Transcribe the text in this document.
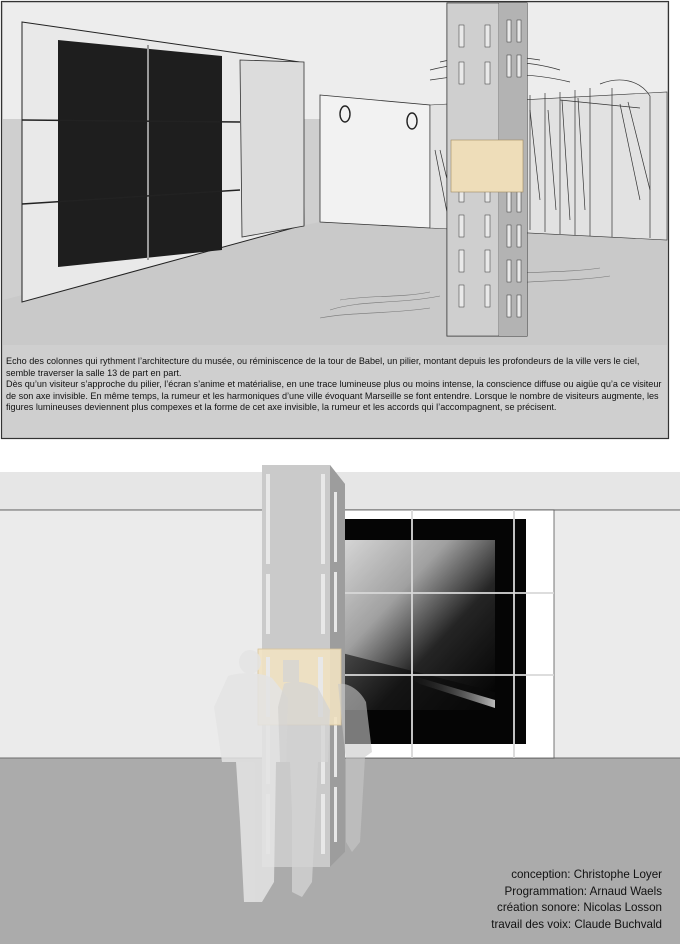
Echo des colonnes qui rythment l’architecture du musée, ou réminiscence de la tour de Babel, un pilier, montant depuis les profondeurs de la ville vers le ciel, semble traverser la salle 13 de part en part.

Dès qu’un visiteur s’approche du pilier, l’écran s’anime et matérialise, en une trace lumineuse plus ou moins intense, la conscience diffuse ou aigüe qu’a ce visiteur de son axe invisible. En même temps, la rumeur et les harmoniques d’une ville évoquant Marseille se font entendre. Lorsque le nombre de visiteurs augmente, les figures lumineuses deviennent plus compexes et la forme de cet axe invisible, la rumeur et les accords qui l’accompagnent, se précisent.

conception: Christophe Loyer
Programmation: Arnaud Waels
création sonore: Nicolas Losson
travail des voix: Claude Buchvald
